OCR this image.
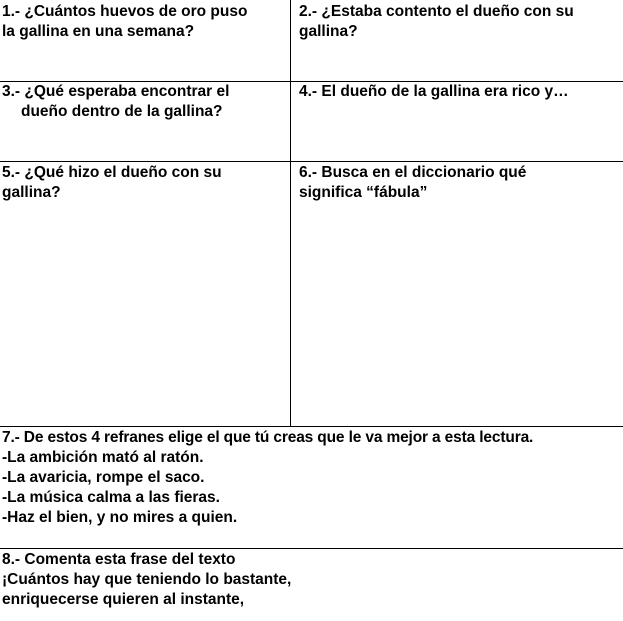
1.- ¿Cuántos huevos de oro puso
la gallina en una semana?
2.- ¿Estaba contento el dueño con su
gallina?
3.- ¿Qué esperaba encontrar el
dueño dentro de la gallina?
4.- El dueño de la gallina era rico y…
5.- ¿Qué hizo el dueño con su
gallina?
6.- Busca en el diccionario qué
significa “fábula”
7.- De estos 4 refranes elige el que tú creas que le va mejor a esta lectura.
-La ambición mató al ratón.
-La avaricia, rompe el saco.
-La música calma a las fieras.
-Haz el bien, y no mires a quien.
8.- Comenta esta frase del texto
¡Cuántos hay que teniendo lo bastante,
enriquecerse quieren al instante,
